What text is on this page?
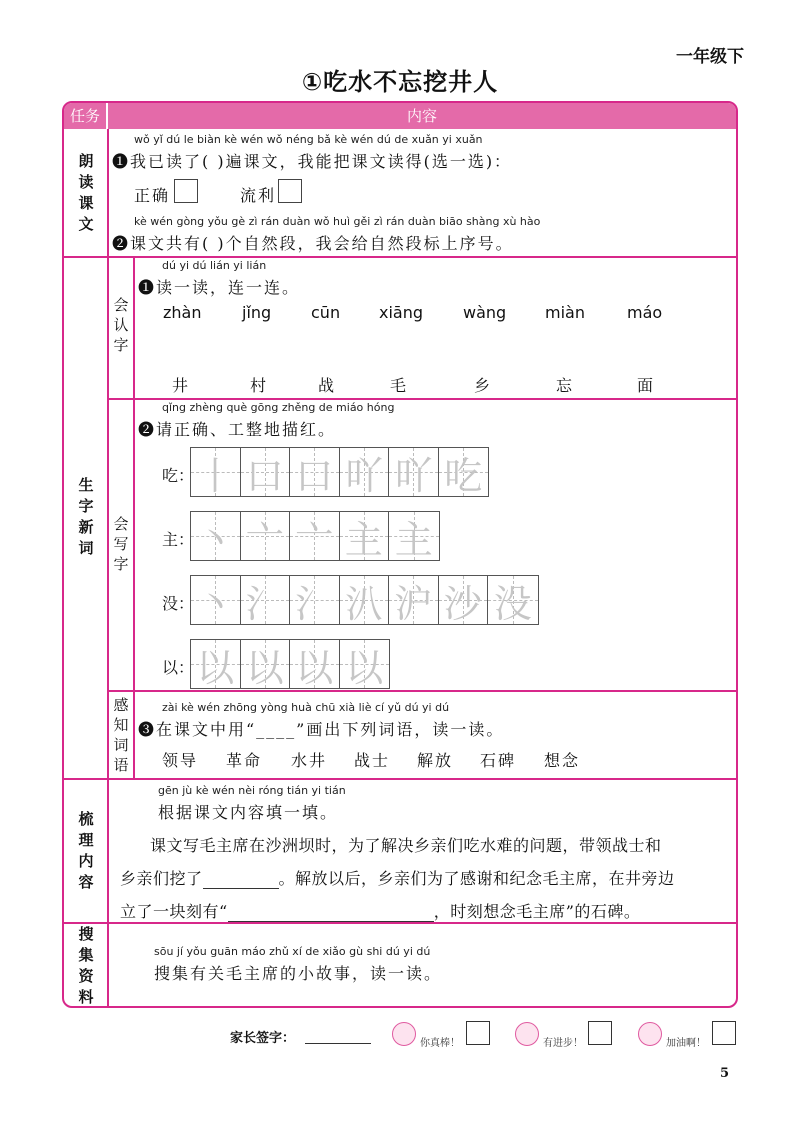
一年级下
①吃水不忘挖井人
任务	内容
朗
读
课
文
wǒ yǐ dú le biàn kè wén wǒ néng bǎ kè wén dú de xuǎn yi xuǎn
❶我已读了( )遍课文，我能把课文读得(选一选)：
正确	流利
kè wén gòng yǒu gè zì rán duàn wǒ huì gěi zì rán duàn biāo shàng xù hào
❷课文共有( )个自然段，我会给自然段标上序号。
生
字
新
词
会
认
字
dú yi dú lián yi lián
❶读一读，连一连。
zhàn	jǐng cūn xiāng wàng miàn	máo
井	村	战	毛	乡	忘	面
会
写
字
qǐng zhèng què gōng zhěng de miáo hóng
❷请正确、工整地描红。
吃： 丨 口 口 吖 吖 吃
主： 丶 亠 亠 主 主
没： 丶 氵 氵 汃 沪 沙 没
以： 以 以 以 以
感
知
词
语
zài kè wén zhōng yòng huà chū xià liè cí yǔ dú yi dú
❸在课文中用“____”画出下列词语，读一读。
领导 革命 水井 战士 解放 石碑 想念
梳
理
内
容
gēn jù kè wén nèi róng tián yi tián
根据课文内容填一填。
课文写毛主席在沙洲坝时，为了解决乡亲们吃水难的问题，带领战士和
乡亲们挖了	。解放以后，乡亲们为了感谢和纪念毛主席，在井旁边
立了一块刻有“	，时刻想念毛主席”的石碑。
搜
集
资
料
sōu jí yǒu guān máo zhǔ xí de xiǎo gù shi dú yi dú
搜集有关毛主席的小故事，读一读。
家长签字：	你真棒！	有进步！	加油啊！
5
